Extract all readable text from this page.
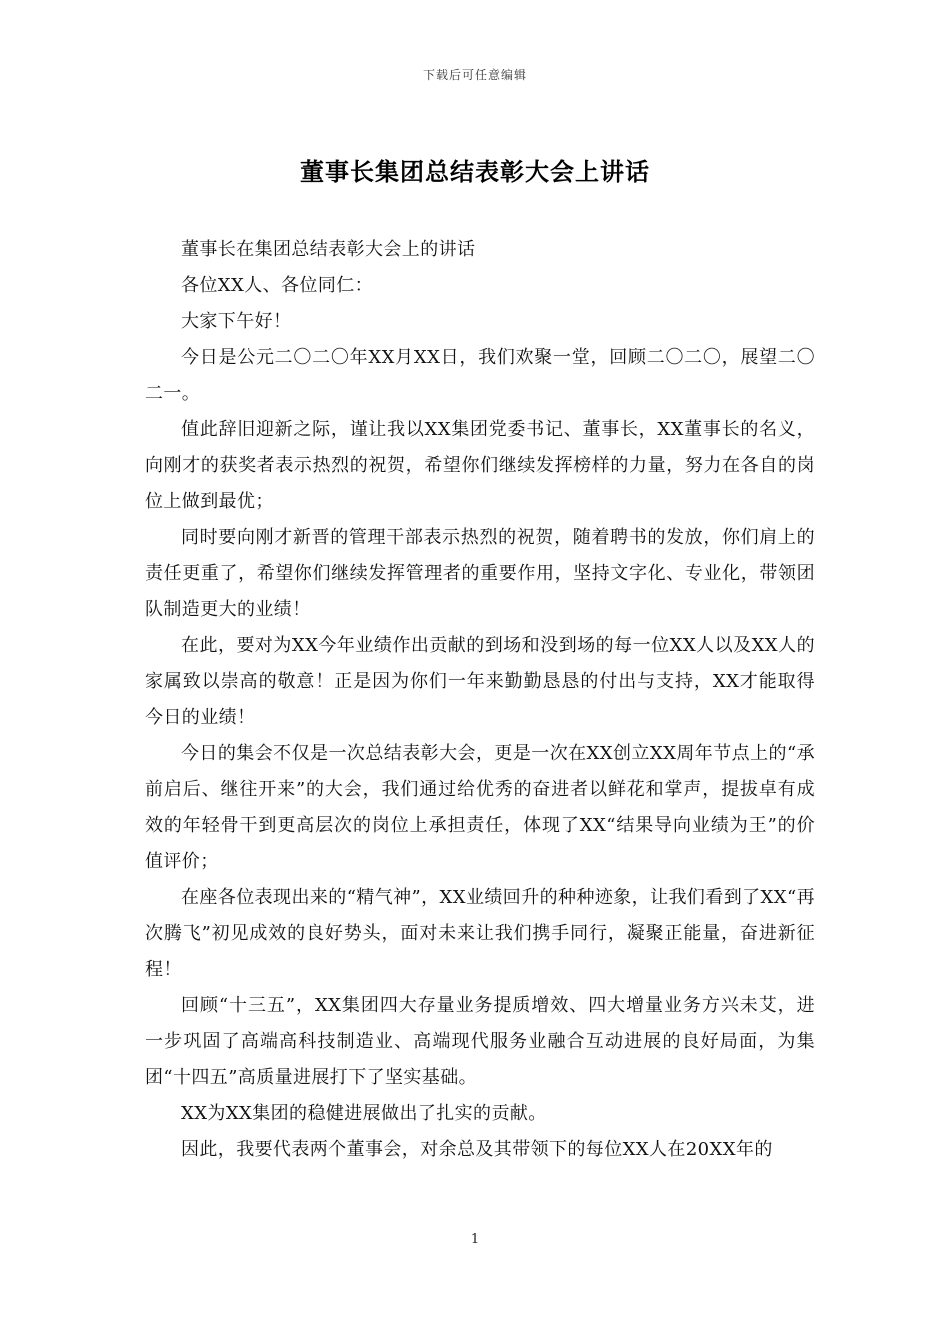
下载后可任意编辑
董事长集团总结表彰大会上讲话

董事长在集团总结表彰大会上的讲话

各位XX人、各位同仁：

大家下午好！

今日是公元二〇二〇年XX月XX日，我们欢聚一堂，回顾二〇二〇，展望二〇二一。

值此辞旧迎新之际，谨让我以XX集团党委书记、董事长，XX董事长的名义，向刚才的获奖者表示热烈的祝贺，希望你们继续发挥榜样的力量，努力在各自的岗位上做到最优；

同时要向刚才新晋的管理干部表示热烈的祝贺，随着聘书的发放，你们肩上的责任更重了，希望你们继续发挥管理者的重要作用，坚持文字化、专业化，带领团队制造更大的业绩！

在此，要对为XX今年业绩作出贡献的到场和没到场的每一位XX人以及XX人的家属致以崇高的敬意！正是因为你们一年来勤勤恳恳的付出与支持，XX才能取得今日的业绩！

今日的集会不仅是一次总结表彰大会，更是一次在XX创立XX周年节点上的“承前启后、继往开来”的大会，我们通过给优秀的奋进者以鲜花和掌声，提拔卓有成效的年轻骨干到更高层次的岗位上承担责任，体现了XX“结果导向业绩为王”的价值评价；

在座各位表现出来的“精气神”，XX业绩回升的种种迹象，让我们看到了XX“再次腾飞”初见成效的良好势头，面对未来让我们携手同行，凝聚正能量，奋进新征程！

回顾“十三五”，XX集团四大存量业务提质增效、四大增量业务方兴未艾，进一步巩固了高端高科技制造业、高端现代服务业融合互动进展的良好局面，为集团“十四五”高质量进展打下了坚实基础。

XX为XX集团的稳健进展做出了扎实的贡献。

因此，我要代表两个董事会，对余总及其带领下的每位XX人在20XX年的

1
